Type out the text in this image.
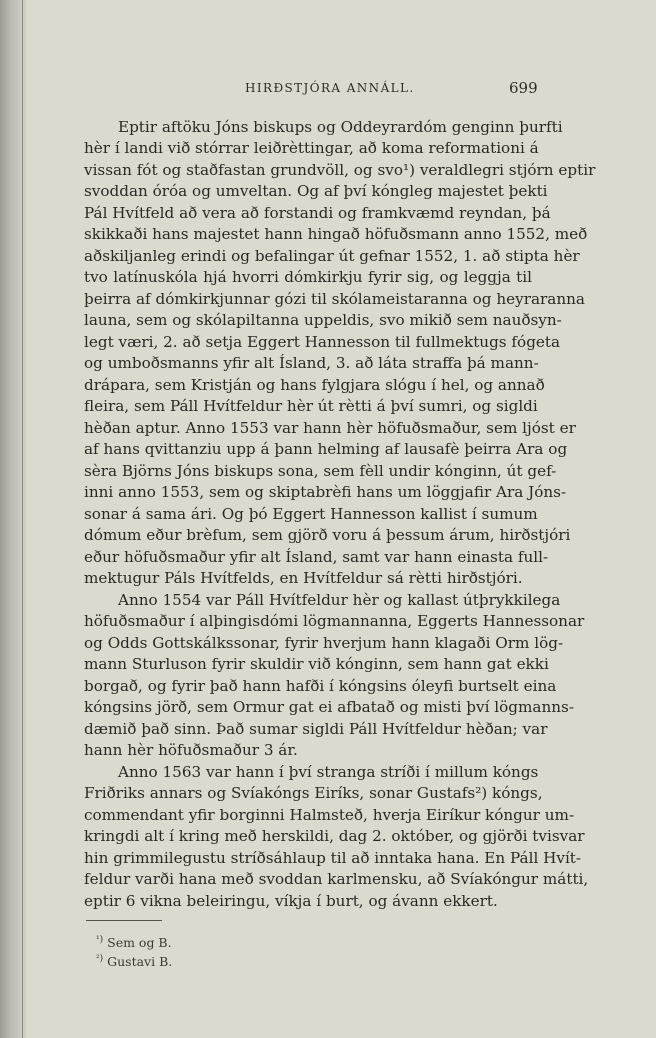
HIRÐSTJÓRA ANNÁLL.	699
Eptir aftöku Jóns biskups og Oddeyrardóm genginn þurfti
hèr í landi við stórrar leiðrèttingar, að koma reformationi á
vissan fót og staðfastan grundvöll, og svo¹) veraldlegri stjórn eptir
svoddan óróa og umveltan. Og af því kóngleg majestet þekti
Pál Hvítfeld að vera að forstandi og framkvæmd reyndan, þá
skikkaði hans majestet hann hingað höfuðsmann anno 1552, með
aðskiljanleg erindi og befalingar út gefnar 1552, 1. að stipta hèr
tvo latínuskóla hjá hvorri dómkirkju fyrir sig, og leggja til
þeirra af dómkirkjunnar gózi til skólameistaranna og heyraranna
launa, sem og skólapiltanna uppeldis, svo mikið sem nauðsyn-
legt væri, 2. að setja Eggert Hannesson til fullmektugs fógeta
og umboðsmanns yfir alt Ísland, 3. að láta straffa þá mann-
drápara, sem Kristján og hans fylgjara slógu í hel, og annað
fleira, sem Páll Hvítfeldur hèr út rètti á því sumri, og sigldi
hèðan aptur. Anno 1553 var hann hèr höfuðsmaður, sem ljóst er
af hans qvittanziu upp á þann helming af lausafè þeirra Ara og
sèra Björns Jóns biskups sona, sem fèll undir kónginn, út gef-
inni anno 1553, sem og skiptabrèfi hans um löggjafir Ara Jóns-
sonar á sama ári. Og þó Eggert Hannesson kallist í sumum
dómum eður brèfum, sem gjörð voru á þessum árum, hirðstjóri
eður höfuðsmaður yfir alt Ísland, samt var hann einasta full-
mektugur Páls Hvítfelds, en Hvítfeldur sá rètti hirðstjóri.
Anno 1554 var Páll Hvítfeldur hèr og kallast útþrykkilega
höfuðsmaður í alþingisdómi lögmannanna, Eggerts Hannessonar
og Odds Gottskálkssonar, fyrir hverjum hann klagaði Orm lög-
mann Sturluson fyrir skuldir við kónginn, sem hann gat ekki
borgað, og fyrir það hann hafði í kóngsins óleyfi burtselt eina
kóngsins jörð, sem Ormur gat ei afbatað og misti því lögmanns-
dæmið það sinn. Það sumar sigldi Páll Hvítfeldur hèðan; var
hann hèr höfuðsmaður 3 ár.
Anno 1563 var hann í því stranga stríði í millum kóngs
Friðriks annars og Svíakóngs Eiríks, sonar Gustafs²) kóngs,
commendant yfir borginni Halmsteð, hverja Eiríkur kóngur um-
kringdi alt í kring með herskildi, dag 2. október, og gjörði tvisvar
hin grimmilegustu stríðsáhlaup til að inntaka hana. En Páll Hvít-
feldur varði hana með svoddan karlmensku, að Svíakóngur mátti,
eptir 6 vikna beleiringu, víkja í burt, og ávann ekkert.
$^{^1)}$ Sem og B.
$^{^2)}$ Gustavi B.
